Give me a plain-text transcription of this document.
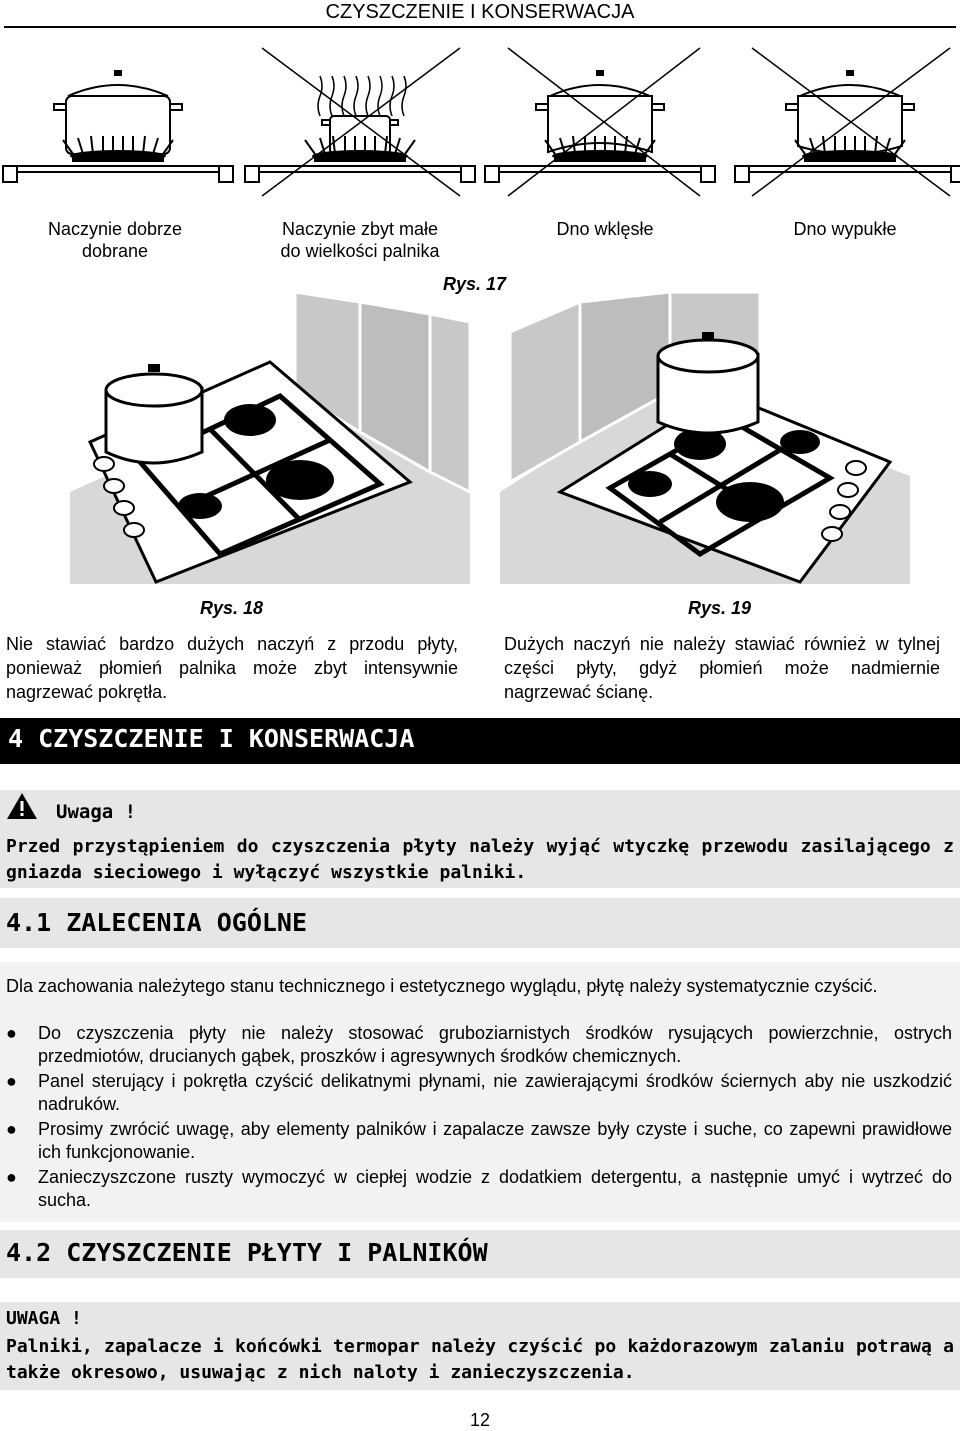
CZYSZCZENIE I KONSERWACJA
Naczynie dobrze
dobrane
Naczynie zbyt małe
do wielkości palnika
Dno wklęsłe	Dno wypukłe
Rys. 17
Rys. 18
Nie stawiać bardzo dużych naczyń z przodu płyty, ponieważ płomień palnika może zbyt intensywnie nagrzewać pokrętła.
Rys. 19
Dużych naczyń nie należy stawiać również w tylnej części płyty, gdyż płomień może nadmiernie nagrzewać ścianę.
4 CZYSZCZENIE I KONSERWACJA
Uwaga !
Przed przystąpieniem do czyszczenia płyty należy wyjąć wtyczkę przewodu zasilającego z gniazda sieciowego i wyłączyć wszystkie palniki.
4.1 ZALECENIA OGÓLNE
Dla zachowania należytego stanu technicznego i estetycznego wyglądu, płytę należy systematycznie czyścić.
● Do czyszczenia płyty nie należy stosować gruboziarnistych środków rysujących powierzchnie, ostrych przedmiotów, drucianych gąbek, proszków i agresywnych środków chemicznych.
● Panel sterujący i pokrętła czyścić delikatnymi płynami, nie zawierającymi środków ściernych aby nie uszkodzić nadruków.
● Prosimy zwrócić uwagę, aby elementy palników i zapalacze zawsze były czyste i suche, co zapewni prawidłowe ich funkcjonowanie.
● Zanieczyszczone ruszty wymoczyć w ciepłej wodzie z dodatkiem detergentu, a następnie umyć i wytrzeć do sucha.
4.2 CZYSZCZENIE PŁYTY I PALNIKÓW
UWAGA !
Palniki, zapalacze i końcówki termopar należy czyścić po każdorazowym zalaniu potrawą a także okresowo, usuwając z nich naloty i zanieczyszczenia.
12
